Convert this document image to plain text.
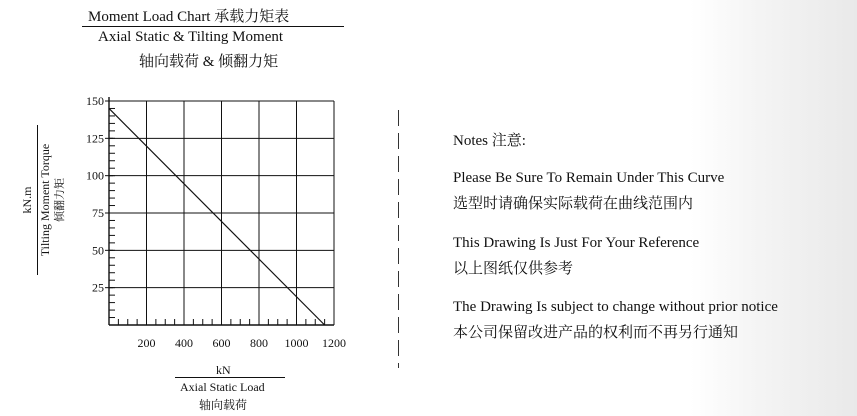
Moment Load Chart 承载力矩表
Axial Static & Tilting Moment
轴向载荷 & 倾翻力矩
kN.m Tilting Moment Torque 倾翻力矩
200 400 600 800 1000 1200
25
50
75
100
125
150
kN
Axial Static Load
轴向载荷
Notes 注意:
Please Be Sure To Remain Under This Curve
选型时请确保实际载荷在曲线范围内
This Drawing Is Just For Your Reference
以上图纸仅供参考
The Drawing Is subject to change without prior notice
本公司保留改进产品的权利而不再另行通知
